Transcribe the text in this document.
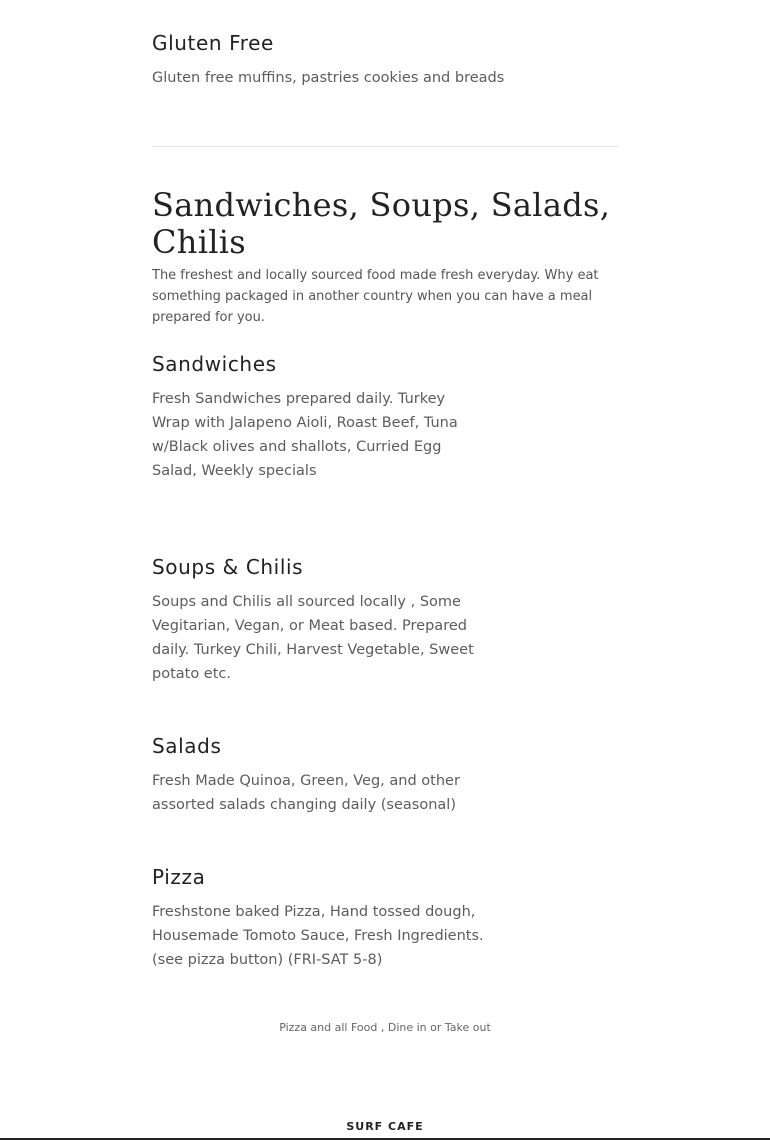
Gluten Free
Gluten free muffins, pastries cookies and breads
Sandwiches, Soups, Salads, Chilis
The freshest and locally sourced food made fresh everyday. Why eat something packaged in another country when you can have a meal prepared for you.
Sandwiches
Fresh Sandwiches prepared daily. Turkey Wrap with Jalapeno Aioli, Roast Beef, Tuna w/Black olives and shallots, Curried Egg Salad, Weekly specials
Soups & Chilis
Soups and Chilis all sourced locally , Some Vegitarian, Vegan, or Meat based. Prepared daily. Turkey Chili, Harvest Vegetable, Sweet potato etc.
Salads
Fresh Made Quinoa, Green, Veg, and other assorted salads changing daily (seasonal)
Pizza
Freshstone baked Pizza, Hand tossed dough, Housemade Tomoto Sauce, Fresh Ingredients. (see pizza button) (FRI-SAT 5-8)
Pizza and all Food , Dine in or Take out
SURF CAFE
